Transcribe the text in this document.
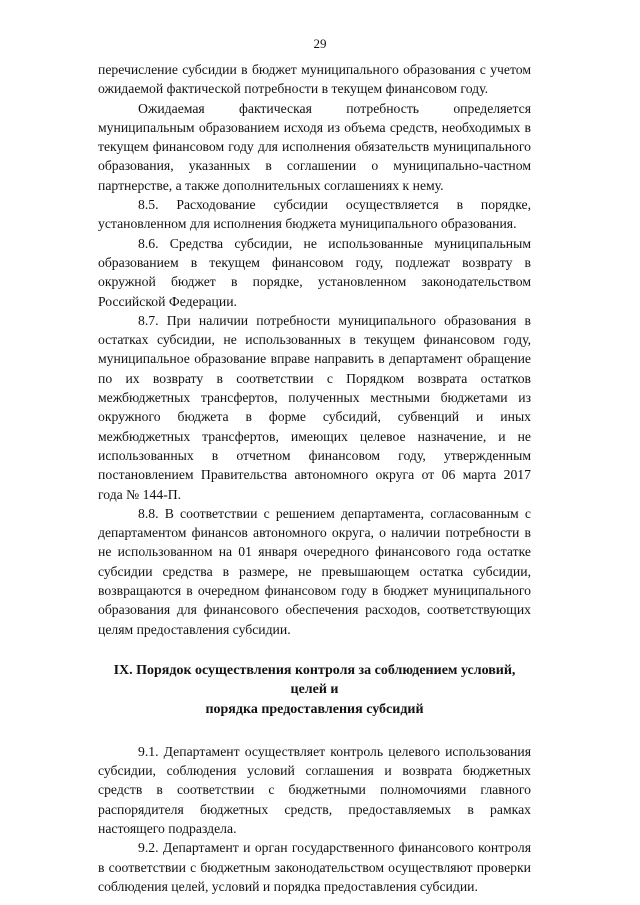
29

перечисление субсидии в бюджет муниципального образования с учетом ожидаемой фактической потребности в текущем финансовом году.

Ожидаемая фактическая потребность определяется муниципальным образованием исходя из объема средств, необходимых в текущем финансовом году для исполнения обязательств муниципального образования, указанных в соглашении о муниципально-частном партнерстве, а также дополнительных соглашениях к нему.

8.5. Расходование субсидии осуществляется в порядке, установленном для исполнения бюджета муниципального образования.

8.6. Средства субсидии, не использованные муниципальным образованием в текущем финансовом году, подлежат возврату в окружной бюджет в порядке, установленном законодательством Российской Федерации.

8.7. При наличии потребности муниципального образования в остатках субсидии, не использованных в текущем финансовом году, муниципальное образование вправе направить в департамент обращение по их возврату в соответствии с Порядком возврата остатков межбюджетных трансфертов, полученных местными бюджетами из окружного бюджета в форме субсидий, субвенций и иных межбюджетных трансфертов, имеющих целевое назначение, и не использованных в отчетном финансовом году, утвержденным постановлением Правительства автономного округа от 06 марта 2017 года № 144-П.

8.8. В соответствии с решением департамента, согласованным с департаментом финансов автономного округа, о наличии потребности в не использованном на 01 января очередного финансового года остатке субсидии средства в размере, не превышающем остатка субсидии, возвращаются в очередном финансовом году в бюджет муниципального образования для финансового обеспечения расходов, соответствующих целям предоставления субсидии.

IX. Порядок осуществления контроля за соблюдением условий, целей и
порядка предоставления субсидий

9.1. Департамент осуществляет контроль целевого использования субсидии, соблюдения условий соглашения и возврата бюджетных средств в соответствии с бюджетными полномочиями главного распорядителя бюджетных средств, предоставляемых в рамках настоящего подраздела.

9.2. Департамент и орган государственного финансового контроля в соответствии с бюджетным законодательством осуществляют проверки соблюдения целей, условий и порядка предоставления субсидии.
